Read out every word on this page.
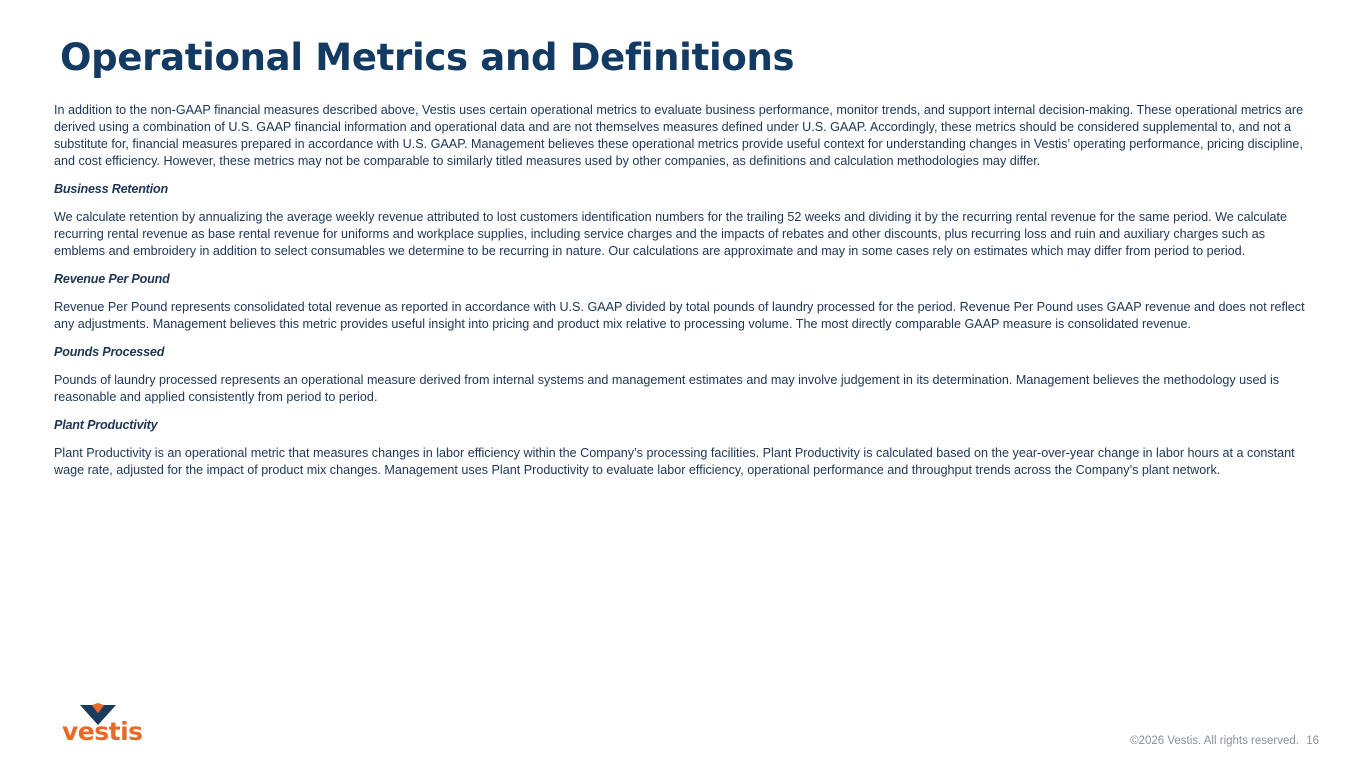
Operational Metrics and Definitions

In addition to the non-GAAP financial measures described above, Vestis uses certain operational metrics to evaluate business performance, monitor trends, and support internal decision-making. These operational metrics are derived using a combination of U.S. GAAP financial information and operational data and are not themselves measures defined under U.S. GAAP. Accordingly, these metrics should be considered supplemental to, and not a substitute for, financial measures prepared in accordance with U.S. GAAP. Management believes these operational metrics provide useful context for understanding changes in Vestis’ operating performance, pricing discipline, and cost efficiency. However, these metrics may not be comparable to similarly titled measures used by other companies, as definitions and calculation methodologies may differ.

Business Retention

We calculate retention by annualizing the average weekly revenue attributed to lost customers identification numbers for the trailing 52 weeks and dividing it by the recurring rental revenue for the same period. We calculate recurring rental revenue as base rental revenue for uniforms and workplace supplies, including service charges and the impacts of rebates and other discounts, plus recurring loss and ruin and auxiliary charges such as emblems and embroidery in addition to select consumables we determine to be recurring in nature. Our calculations are approximate and may in some cases rely on estimates which may differ from period to period.

Revenue Per Pound

Revenue Per Pound represents consolidated total revenue as reported in accordance with U.S. GAAP divided by total pounds of laundry processed for the period. Revenue Per Pound uses GAAP revenue and does not reflect any adjustments. Management believes this metric provides useful insight into pricing and product mix relative to processing volume. The most directly comparable GAAP measure is consolidated revenue.

Pounds Processed

Pounds of laundry processed represents an operational measure derived from internal systems and management estimates and may involve judgement in its determination. Management believes the methodology used is reasonable and applied consistently from period to period.

Plant Productivity

Plant Productivity is an operational metric that measures changes in labor efficiency within the Company’s processing facilities. Plant Productivity is calculated based on the year-over-year change in labor hours at a constant wage rate, adjusted for the impact of product mix changes. Management uses Plant Productivity to evaluate labor efficiency, operational performance and throughput trends across the Company’s plant network.

vestis	©2026 Vestis. All rights reserved. 16
